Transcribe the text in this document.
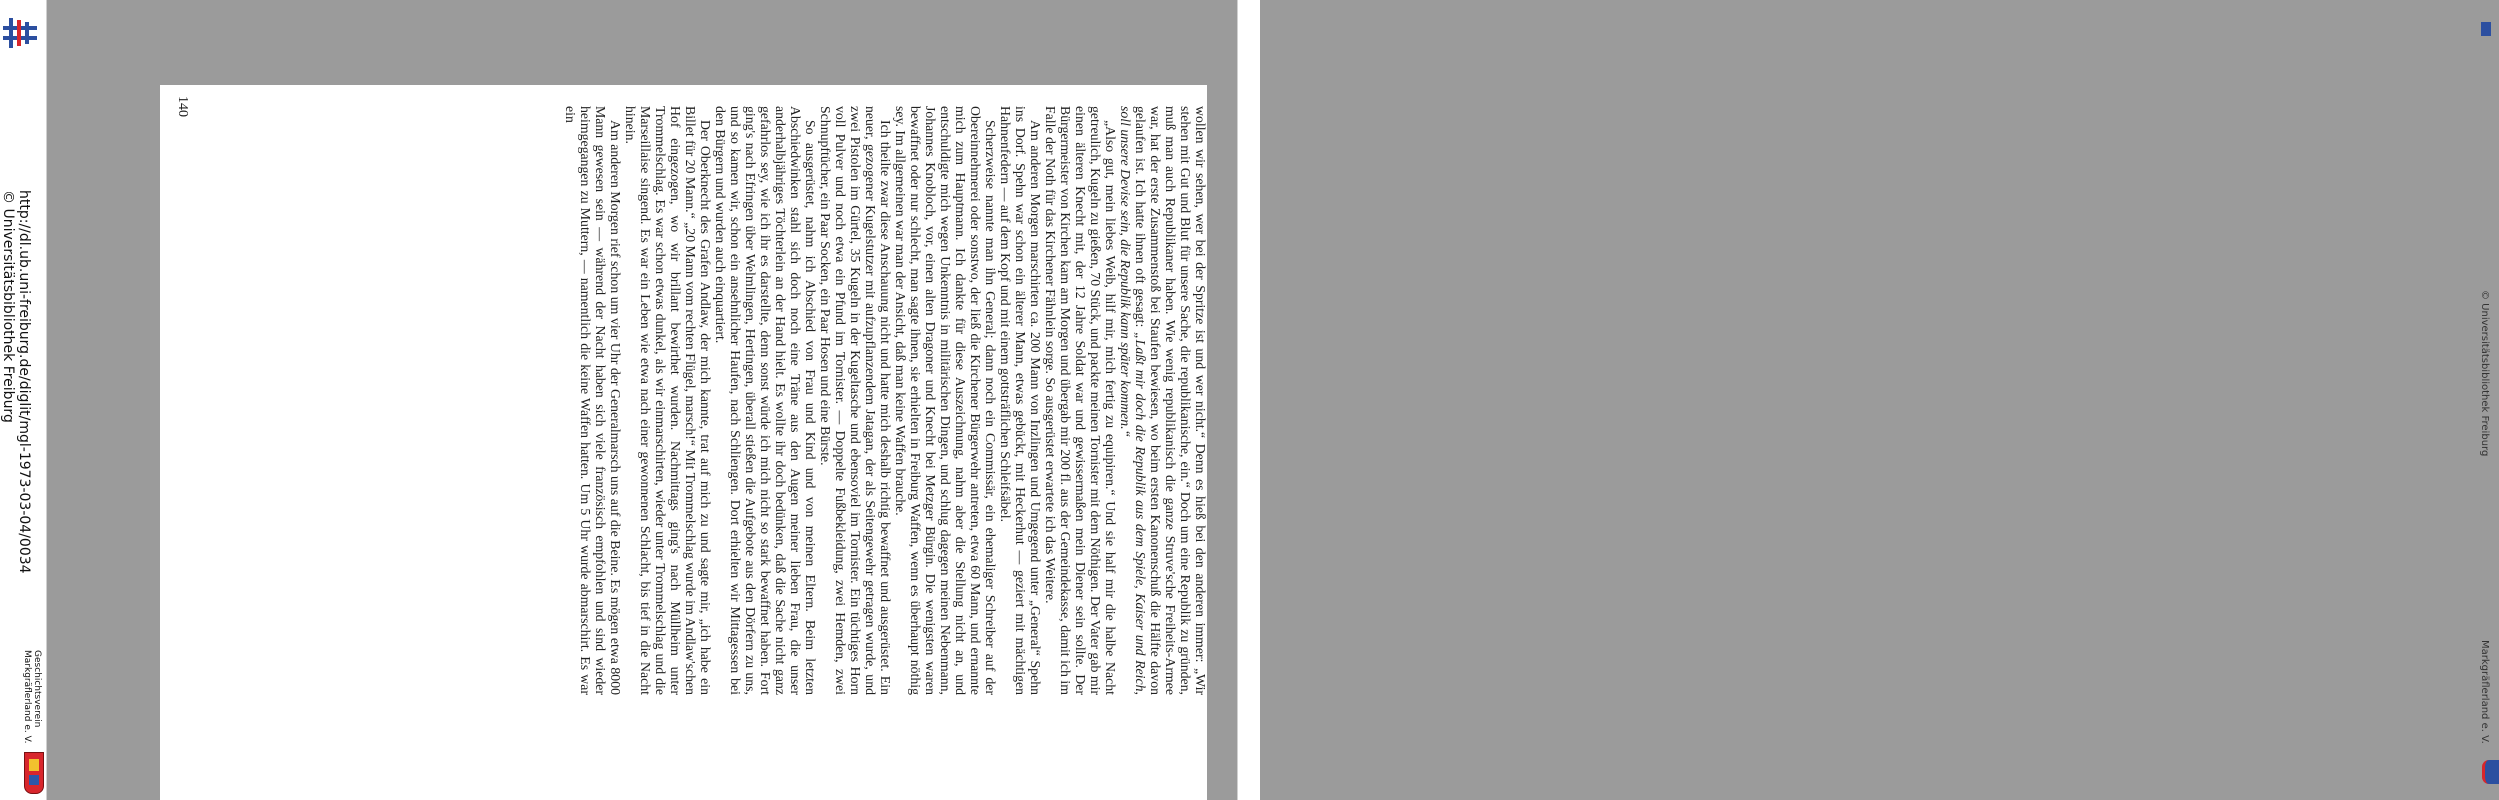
http://dl.ub.uni-freiburg.de/diglit/mgl-1973-03-04/0034
© Universitätsbibliothek Freiburg
Geschichtsverein
Markgräflerland e. V.
140	wollen wir sehen, wer bei der Spritze ist und wer nicht.“ Denn es hieß bei den anderen immer: „Wir stehen mit Gut und Blut für unsere Sache, die republikanische, ein.“ Doch um eine Republik zu gründen, muß man auch Republikaner haben. Wie wenig republikanisch die ganze Struve'sche Freiheits-Armee war, hat der erste Zusammenstoß bei Staufen bewiesen, wo beim ersten Kanonenschuß die Hälfte davon gelaufen ist. Ich hatte ihnen oft gesagt: „Laßt mir doch die Republik aus dem Spiele, Kaiser und Reich, soll unsere Devise sein, die Republik kann später kommen.“

„Also gut, mein liebes Weib, hilf mir, mich fertig zu equipiren.“ Und sie half mir die halbe Nacht getreulich, Kugeln zu gießen, 70 Stück, und packte meinen Tornister mit dem Nöthigen. Der Vater gab mir einen älteren Knecht mit, der 12 Jahre Soldat war und gewissermaßen mein Diener sein sollte. Der Bürgermeister von Kirchen kam am Morgen und übergab mir 200 fl. aus der Gemeindekasse, damit ich im Falle der Noth für das Kirchener Fähnlein sorge. So ausgerüstet erwartete ich das Weitere.

Am anderen Morgen marschirten ca. 200 Mann von Inzlingen und Umgegend unter „General“ Spehn ins Dorf. Spehn war schon ein älterer Mann, etwas gebückt, mit Heckerhut — geziert mit mächtigen Hahnenfedern — auf dem Kopf und mit einem gottsträflichen Schleifsäbel.

Scherzweise nannte man ihn General; dann noch ein Commissär, ein ehemaliger Schreiber auf der Obereinnehmerei oder sonstwo, der ließ die Kirchener Bürgerwehr antreten, etwa 60 Mann, und ernannte mich zum Hauptmann. Ich dankte für diese Auszeichnung, nahm aber die Stellung nicht an, und entschuldigte mich wegen Unkenntnis in militärischen Dingen, und schlug dagegen meinen Nebenmann, Johannes Knobloch, vor, einen alten Dragoner und Knecht bei Metzger Bürgin. Die wenigsten waren bewaffnet oder nur schlecht, man sagte ihnen, sie erhielten in Freiburg Waffen, wenn es überhaupt nöthig sey. Im allgemeinen war man der Ansicht, daß man keine Waffen brauche.

Ich theilte zwar diese Anschauung nicht und hatte mich deshalb richtig bewaffnet und ausgerüstet. Ein neuer, gezogener Kugelstutzer mit aufzupflanzendem Jatagan, der als Seitengewehr getragen wurde, und zwei Pistolen im Gürtel, 35 Kugeln in der Kugeltasche und ebensoviel im Tornister. Ein tüchtiges Horn voll Pulver und noch etwa ein Pfund im Tornister. — Doppelte Fußbekleidung, zwei Hemden, zwei Schnupftücher, ein Paar Socken, ein Paar Hosen und eine Bürste.

So ausgerüstet, nahm ich Abschied von Frau und Kind und von meinen Eltern. Beim letzten Abschiedwinken stahl sich doch noch eine Träne aus den Augen meiner lieben Frau, die unser anderhalbjähriges Töchterlein an der Hand hielt. Es wollte ihr doch bedünken, daß die Sache nicht ganz gefahrlos sey, wie ich ihr es darstellte, denn sonst würde ich mich nicht so stark bewaffnet haben. Fort ging's nach Efringen über Welmlingen, Hertingen, überall stießen die Aufgebote aus den Dörfern zu uns, und so kamen wir, schon ein ansehnlicher Haufen, nach Schliengen. Dort erhielten wir Mittagessen bei den Bürgern und wurden auch einquartiert.

Der Oberknecht des Grafen Andlaw, der mich kannte, trat auf mich zu und sagte mir, „ich habe ein Billet für 20 Mann.“ „20 Mann vom rechten Flügel, marsch!“ Mit Trommelschlag wurde im Andlaw'schen Hof eingezogen, wo wir brillant bewirthet wurden. Nachmittags ging's nach Müllheim unter Trommelschlag. Es war schon etwas dunkel, als wir einmarschirten, wieder unter Trommelschlag und die Marseillaise singend. Es war ein Leben wie etwa nach einer gewonnenen Schlacht, bis tief in die Nacht hinein.

Am anderen Morgen rief schon um vier Uhr der Generalmarsch uns auf die Beine. Es mögen etwa 8000 Mann gewesen sein — während der Nacht haben sich viele französisch empfohlen und sind wieder heimgegangen zu Muttern, — namentlich die keine Waffen hatten. Um 5 Uhr wurde abmarschirt. Es war ein

© Universitätsbibliothek Freiburg
Markgräflerland e. V.
